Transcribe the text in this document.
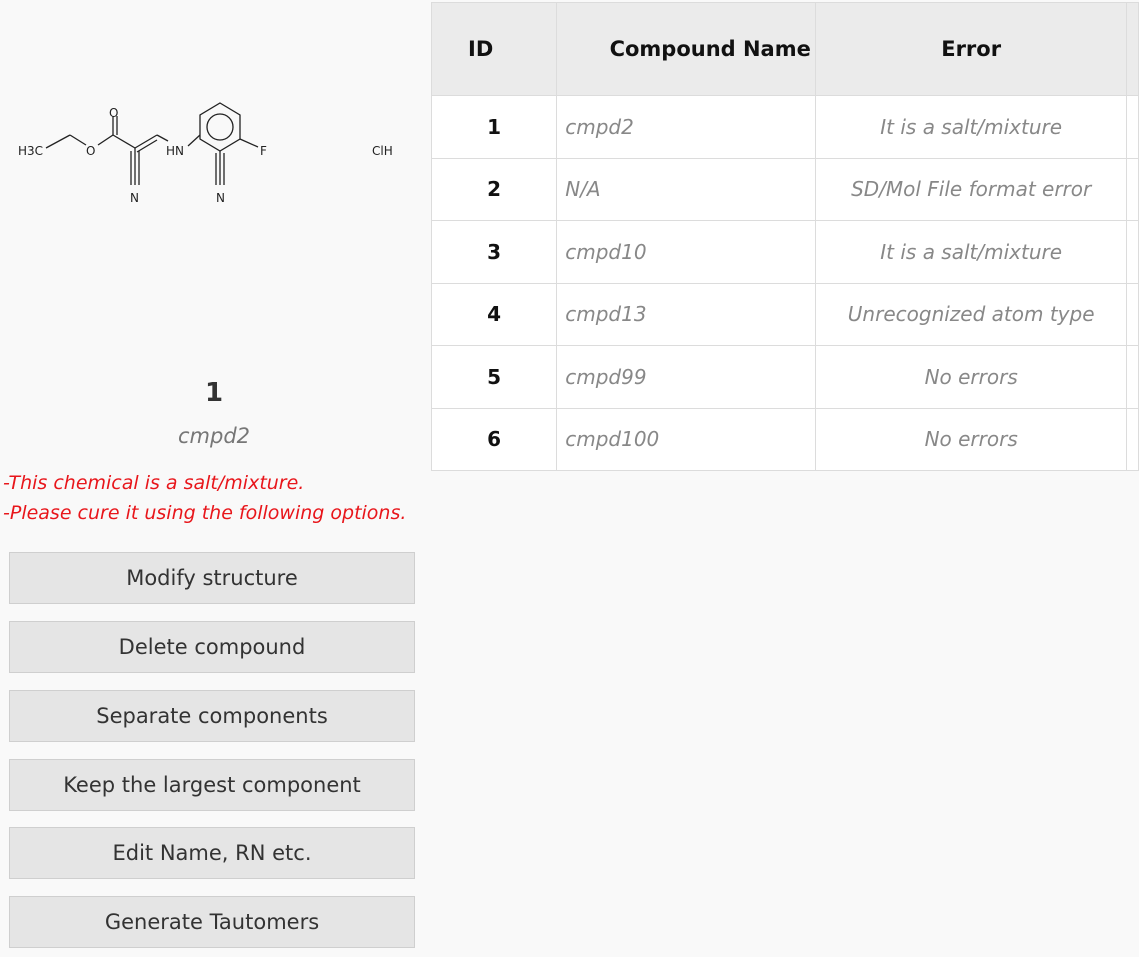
H3C	O
O
HN	F
N	N
ClH
1
cmpd2
-This chemical is a salt/mixture.
-Please cure it using the following options.
Modify structure
Delete compound
Separate components
Keep the largest component
Edit Name, RN etc.
Generate Tautomers
ID	Compound Name	Error	
1	cmpd2	It is a salt/mixture	
2	N/A	SD/Mol File format error	
3	cmpd10	It is a salt/mixture	
4	cmpd13	Unrecognized atom type	
5	cmpd99	No errors	
6	cmpd100	No errors	
